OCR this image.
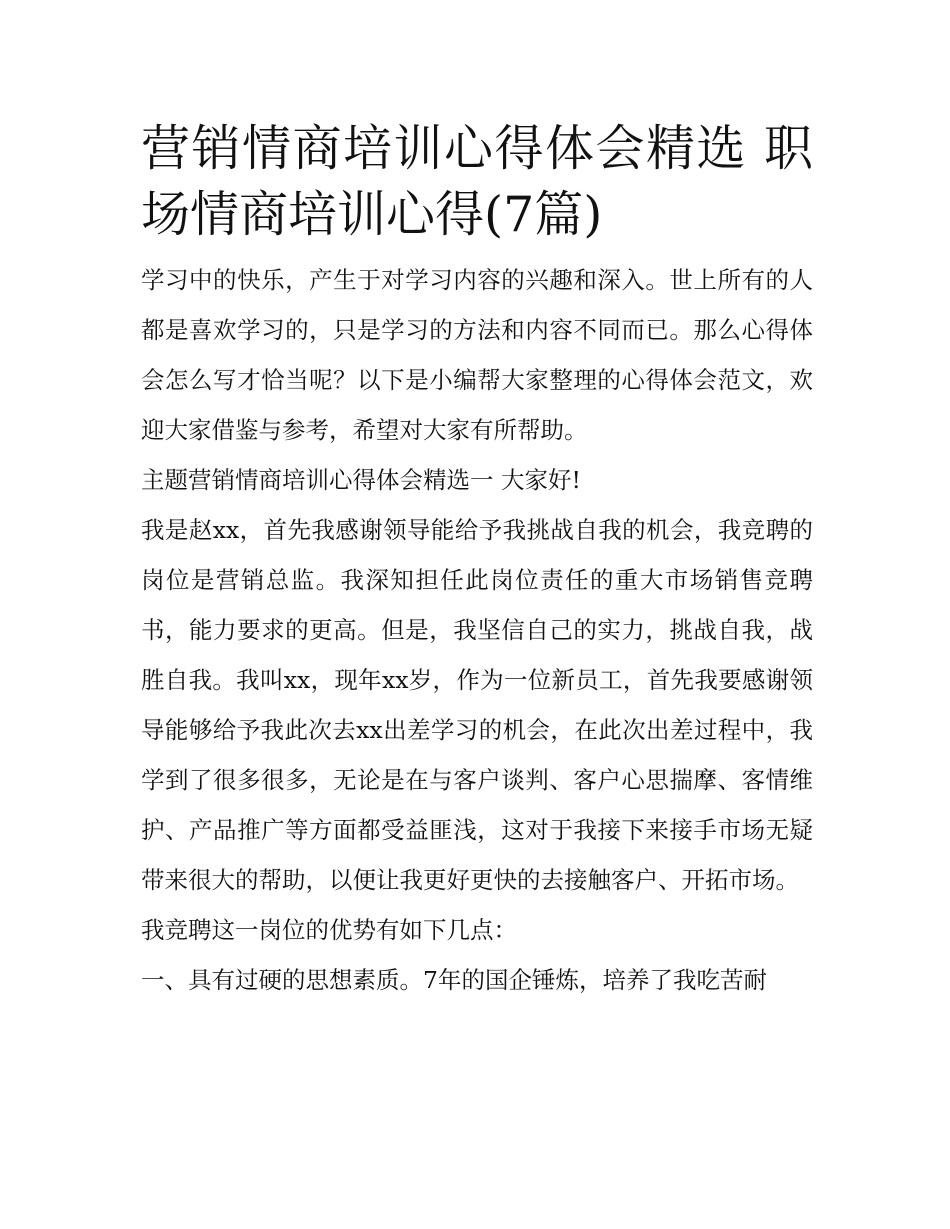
营销情商培训心得体会精选 职场情商培训心得(7篇)

学习中的快乐，产生于对学习内容的兴趣和深入。世上所有的人都是喜欢学习的，只是学习的方法和内容不同而已。那么心得体会怎么写才恰当呢？以下是小编帮大家整理的心得体会范文，欢迎大家借鉴与参考，希望对大家有所帮助。

主题营销情商培训心得体会精选一 大家好!

我是赵xx，首先我感谢领导能给予我挑战自我的机会，我竞聘的岗位是营销总监。我深知担任此岗位责任的重大市场销售竞聘书，能力要求的更高。但是，我坚信自己的实力，挑战自我，战胜自我。我叫xx，现年xx岁，作为一位新员工，首先我要感谢领导能够给予我此次去xx出差学习的机会，在此次出差过程中，我学到了很多很多，无论是在与客户谈判、客户心思揣摩、客情维护、产品推广等方面都受益匪浅，这对于我接下来接手市场无疑带来很大的帮助，以便让我更好更快的去接触客户、开拓市场。

我竞聘这一岗位的优势有如下几点：

一、具有过硬的思想素质。7年的国企锤炼，培养了我吃苦耐
